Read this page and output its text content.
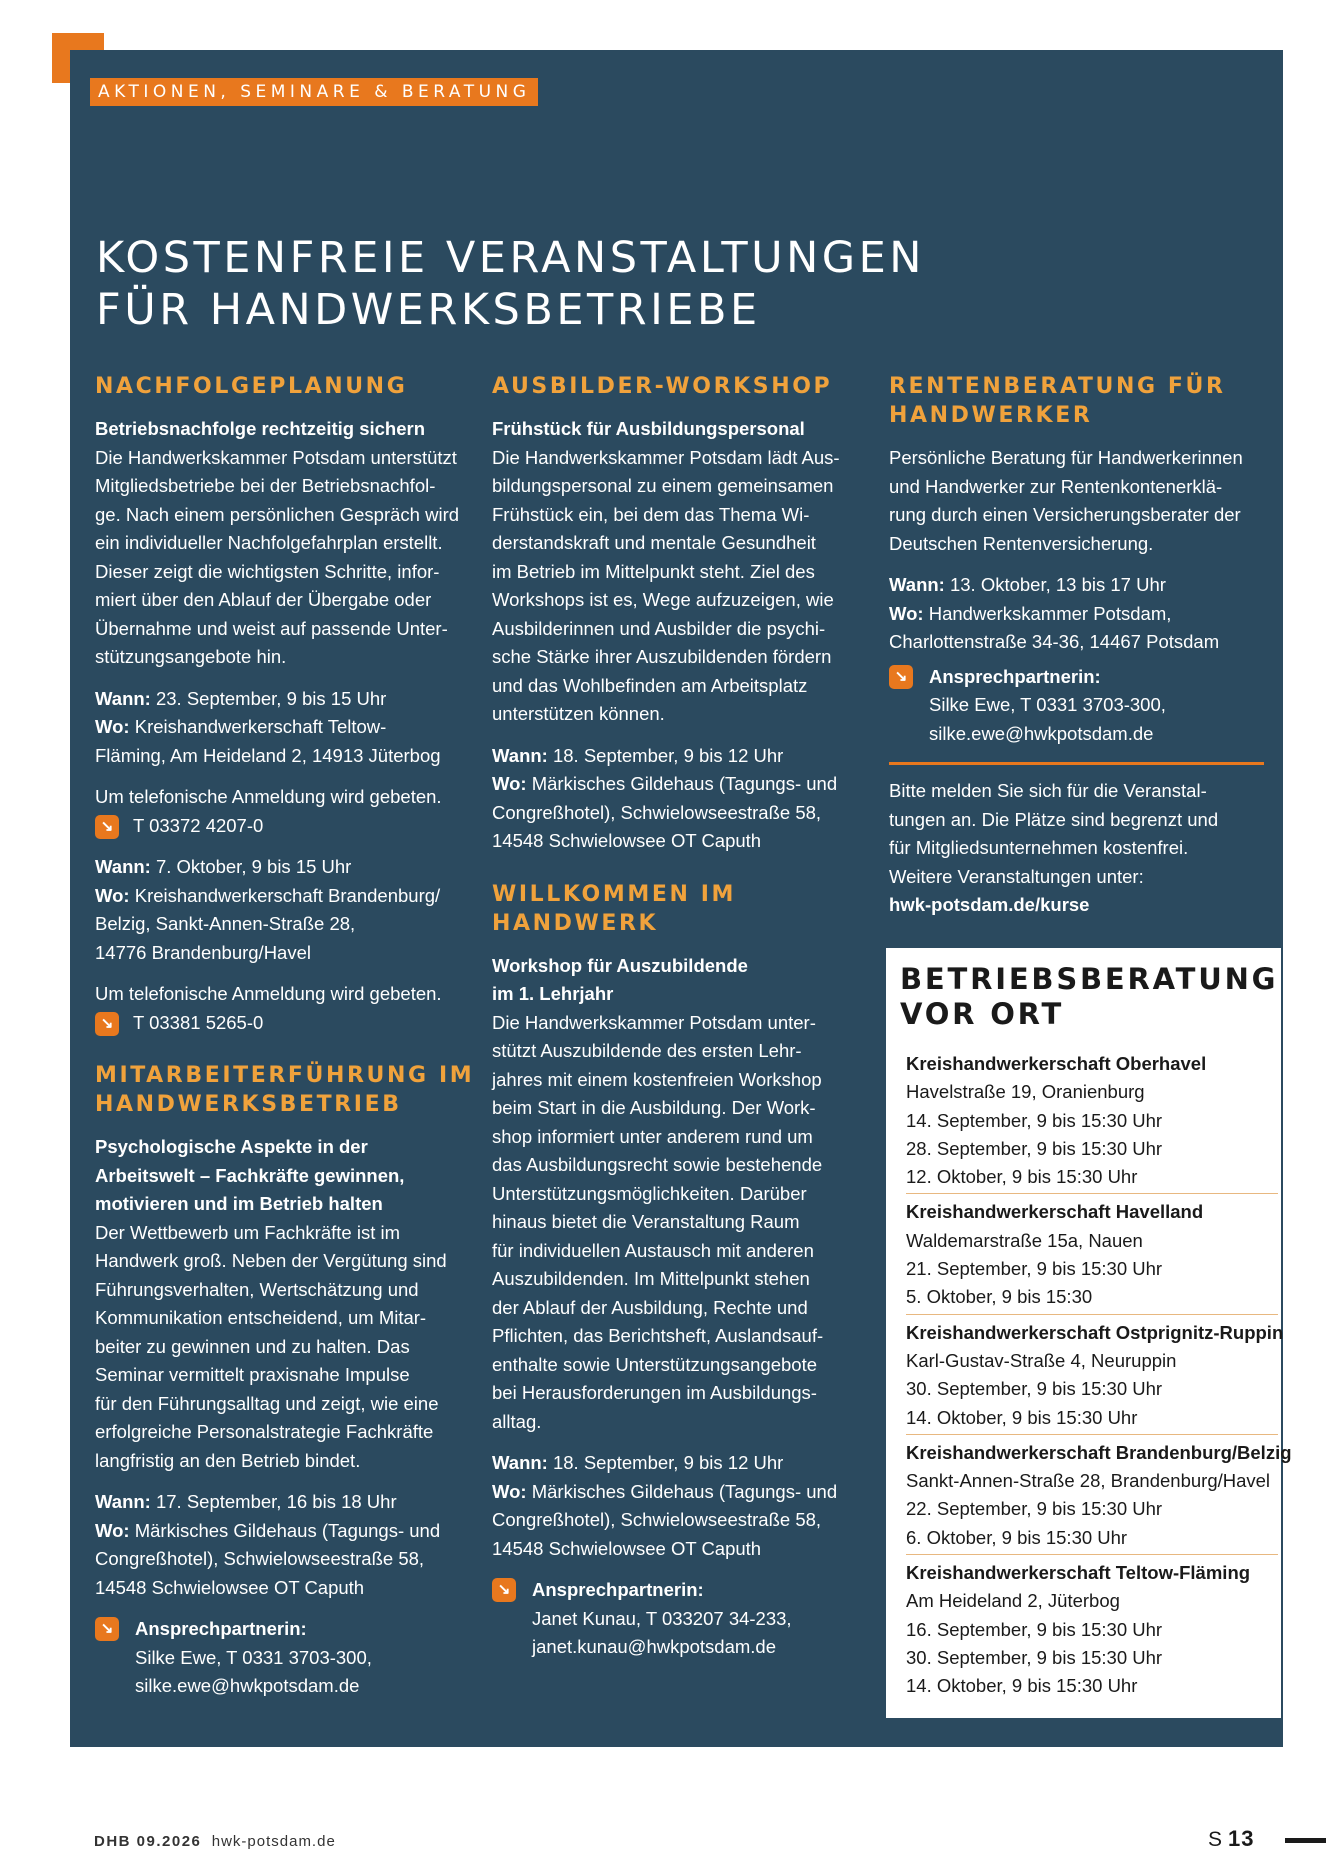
AKTIONEN, SEMINARE & BERATUNG
KOSTENFREIE VERANSTALTUNGEN
FÜR HANDWERKSBETRIEBE
NACHFOLGEPLANUNG
Betriebsnachfolge rechtzeitig sichern

Die Handwerkskammer Potsdam unterstützt
Mitgliedsbetriebe bei der Betriebsnachfol-
ge. Nach einem persönlichen Gespräch wird
ein individueller Nachfolgefahrplan erstellt.
Dieser zeigt die wichtigsten Schritte, infor-
miert über den Ablauf der Übergabe oder
Übernahme und weist auf passende Unter-
stützungsangebote hin.

Wann: 23. September, 9 bis 15 Uhr
Wo: Kreishandwerkerschaft Teltow-
Fläming, Am Heideland 2, 14913 Jüterbog

Um telefonische Anmeldung wird gebeten.

↘ T 03372 4207-0

Wann: 7. Oktober, 9 bis 15 Uhr
Wo: Kreishandwerkerschaft Brandenburg/
Belzig, Sankt-Annen-Straße 28,
14776 Brandenburg/Havel

Um telefonische Anmeldung wird gebeten.

↘ T 03381 5265-0

MITARBEITERFÜHRUNG IM
HANDWERKSBETRIEB
Psychologische Aspekte in der
Arbeitswelt – Fachkräfte gewinnen,
motivieren und im Betrieb halten

Der Wettbewerb um Fachkräfte ist im
Handwerk groß. Neben der Vergütung sind
Führungsverhalten, Wertschätzung und
Kommunikation entscheidend, um Mitar-
beiter zu gewinnen und zu halten. Das
Seminar vermittelt praxisnahe Impulse
für den Führungsalltag und zeigt, wie eine
erfolgreiche Personalstrategie Fachkräfte
langfristig an den Betrieb bindet.

Wann: 17. September, 16 bis 18 Uhr
Wo: Märkisches Gildehaus (Tagungs- und
Congreßhotel), Schwielowseestraße 58,
14548 Schwielowsee OT Caputh

↘	Ansprechpartnerin:
Silke Ewe, T 0331 3703-300,
silke.ewe@hwkpotsdam.de
AUSBILDER-WORKSHOP
Frühstück für Ausbildungspersonal

Die Handwerkskammer Potsdam lädt Aus-
bildungspersonal zu einem gemeinsamen
Frühstück ein, bei dem das Thema Wi-
derstandskraft und mentale Gesundheit
im Betrieb im Mittelpunkt steht. Ziel des
Workshops ist es, Wege aufzuzeigen, wie
Ausbilderinnen und Ausbilder die psychi-
sche Stärke ihrer Auszubildenden fördern
und das Wohlbefinden am Arbeitsplatz
unterstützen können.

Wann: 18. September, 9 bis 12 Uhr
Wo: Märkisches Gildehaus (Tagungs- und
Congreßhotel), Schwielowseestraße 58,
14548 Schwielowsee OT Caputh

WILLKOMMEN IM
HANDWERK
Workshop für Auszubildende
im 1. Lehrjahr

Die Handwerkskammer Potsdam unter-
stützt Auszubildende des ersten Lehr-
jahres mit einem kostenfreien Workshop
beim Start in die Ausbildung. Der Work-
shop informiert unter anderem rund um
das Ausbildungsrecht sowie bestehende
Unterstützungsmöglichkeiten. Darüber
hinaus bietet die Veranstaltung Raum
für individuellen Austausch mit anderen
Auszubildenden. Im Mittelpunkt stehen
der Ablauf der Ausbildung, Rechte und
Pflichten, das Berichtsheft, Auslandsauf-
enthalte sowie Unterstützungsangebote
bei Herausforderungen im Ausbildungs-
alltag.

Wann: 18. September, 9 bis 12 Uhr
Wo: Märkisches Gildehaus (Tagungs- und
Congreßhotel), Schwielowseestraße 58,
14548 Schwielowsee OT Caputh

↘	Ansprechpartnerin:
Janet Kunau, T 033207 34-233,
janet.kunau@hwkpotsdam.de
RENTENBERATUNG FÜR
HANDWERKER

Persönliche Beratung für Handwerkerinnen
und Handwerker zur Rentenkontenerklä-
rung durch einen Versicherungsberater der
Deutschen Rentenversicherung.

Wann: 13. Oktober, 13 bis 17 Uhr
Wo: Handwerkskammer Potsdam,
Charlottenstraße 34-36, 14467 Potsdam

↘	Ansprechpartnerin:
Silke Ewe, T 0331 3703-300,
silke.ewe@hwkpotsdam.de

Bitte melden Sie sich für die Veranstal-
tungen an. Die Plätze sind begrenzt und
für Mitgliedsunternehmen kostenfrei.
Weitere Veranstaltungen unter:
hwk-potsdam.de/kurse

BETRIEBSBERATUNG
VOR ORT
Kreishandwerkerschaft Oberhavel
Havelstraße 19, Oranienburg
14. September, 9 bis 15:30 Uhr
28. September, 9 bis 15:30 Uhr
12. Oktober, 9 bis 15:30 Uhr
Kreishandwerkerschaft Havelland
Waldemarstraße 15a, Nauen
21. September, 9 bis 15:30 Uhr
5. Oktober, 9 bis 15:30
Kreishandwerkerschaft Ostprignitz-Ruppin
Karl-Gustav-Straße 4, Neuruppin
30. September, 9 bis 15:30 Uhr
14. Oktober, 9 bis 15:30 Uhr
Kreishandwerkerschaft Brandenburg/Belzig
Sankt-Annen-Straße 28, Brandenburg/Havel
22. September, 9 bis 15:30 Uhr
6. Oktober, 9 bis 15:30 Uhr
Kreishandwerkerschaft Teltow-Fläming
Am Heideland 2, Jüterbog
16. September, 9 bis 15:30 Uhr
30. September, 9 bis 15:30 Uhr
14. Oktober, 9 bis 15:30 Uhr
DHB 09.2026 hwk-potsdam.de	S 13
